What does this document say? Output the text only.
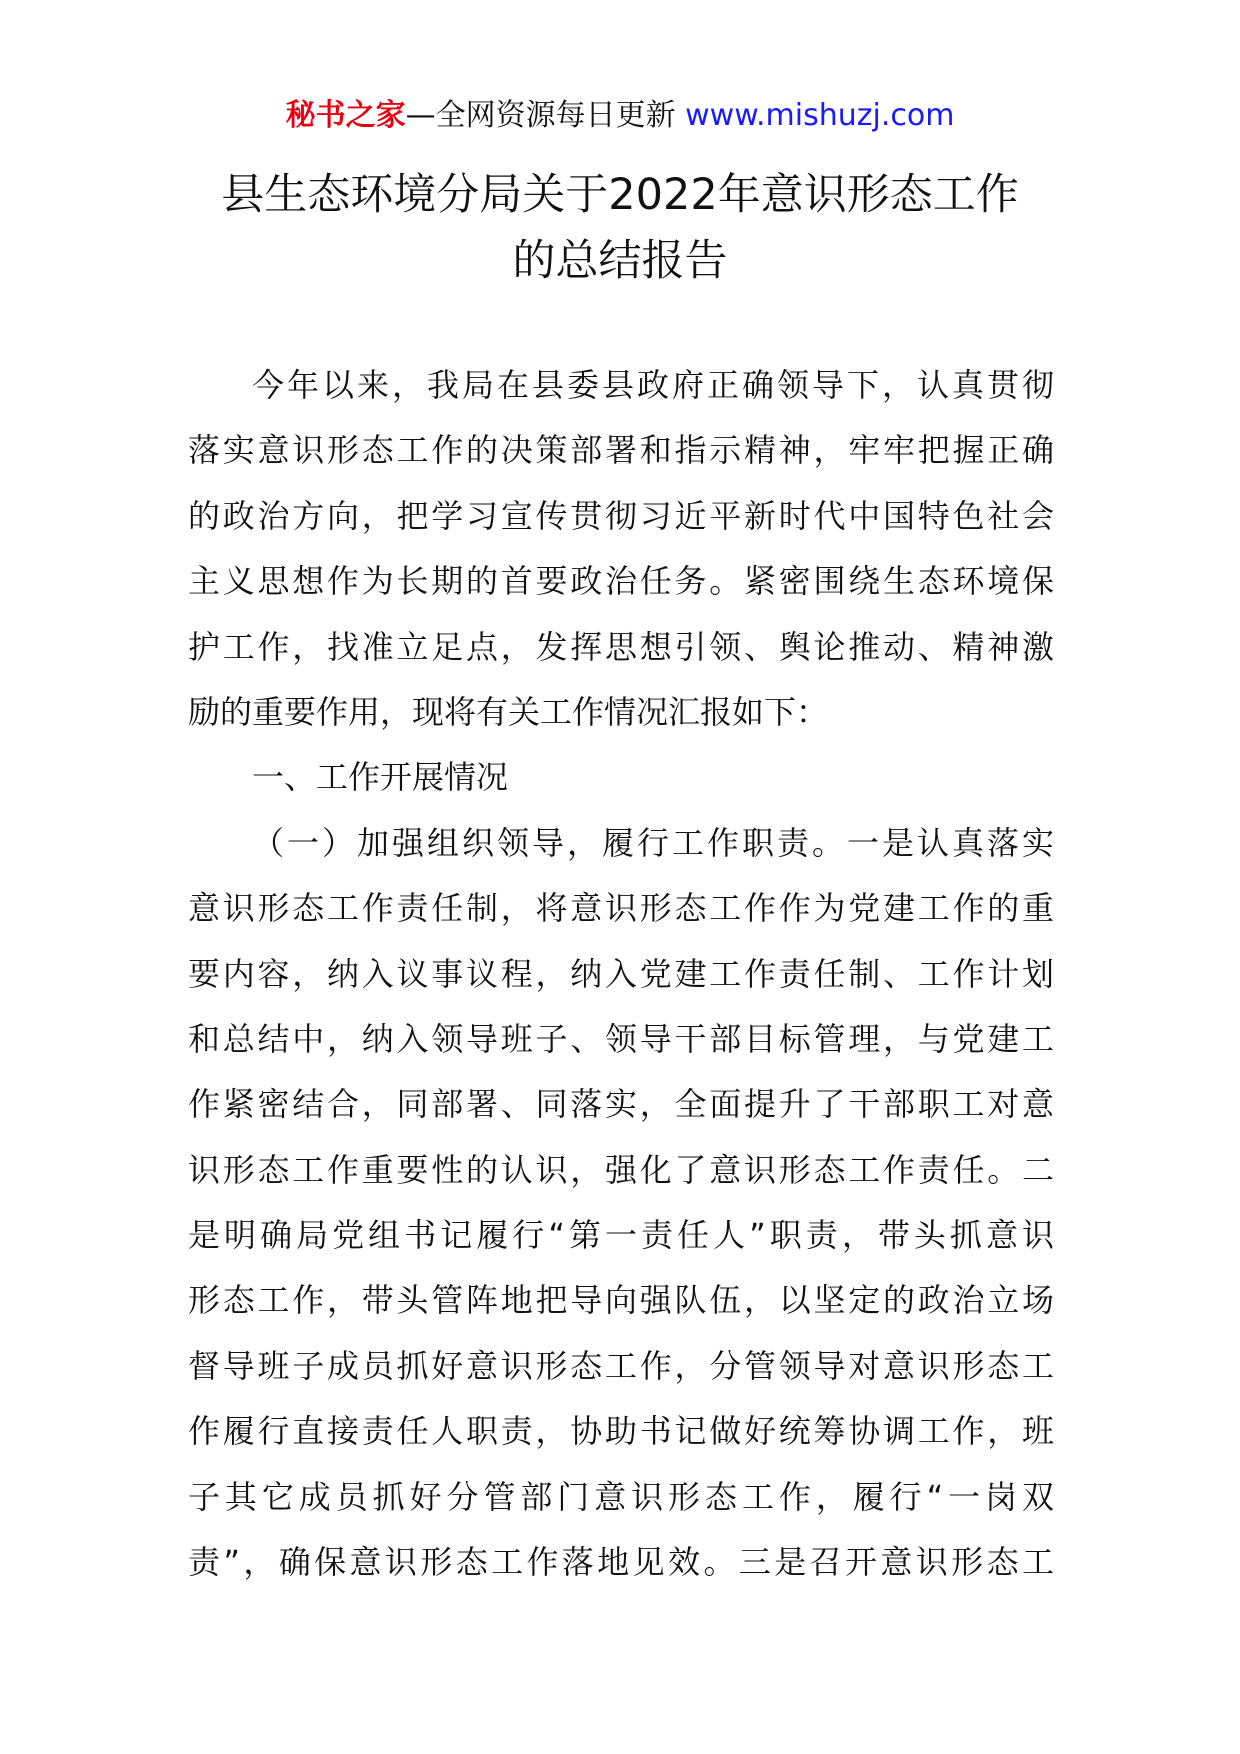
秘书之家—全网资源每日更新 www.mishuzj.com
县生态环境分局关于2022年意识形态工作
的总结报告
今年以来，我局在县委县政府正确领导下，认真贯彻
落实意识形态工作的决策部署和指示精神，牢牢把握正确
的政治方向，把学习宣传贯彻习近平新时代中国特色社会
主义思想作为长期的首要政治任务。紧密围绕生态环境保
护工作，找准立足点，发挥思想引领、舆论推动、精神激
励的重要作用，现将有关工作情况汇报如下：
一、工作开展情况
（一）加强组织领导，履行工作职责。一是认真落实
意识形态工作责任制，将意识形态工作作为党建工作的重
要内容，纳入议事议程，纳入党建工作责任制、工作计划
和总结中，纳入领导班子、领导干部目标管理，与党建工
作紧密结合，同部署、同落实，全面提升了干部职工对意
识形态工作重要性的认识，强化了意识形态工作责任。二
是明确局党组书记履行“第一责任人”职责，带头抓意识
形态工作，带头管阵地把导向强队伍，以坚定的政治立场
督导班子成员抓好意识形态工作，分管领导对意识形态工
作履行直接责任人职责，协助书记做好统筹协调工作，班
子其它成员抓好分管部门意识形态工作，履行“一岗双
责”，确保意识形态工作落地见效。三是召开意识形态工
